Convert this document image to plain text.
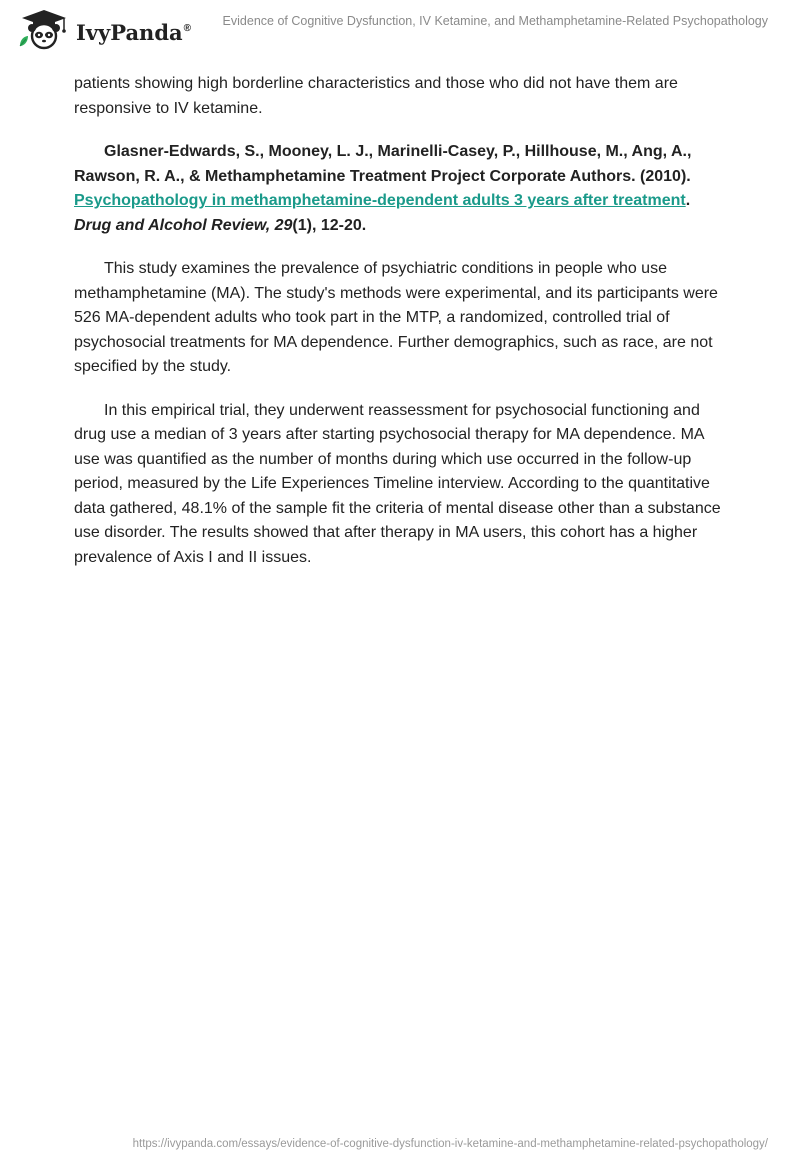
IvyPanda®	Evidence of Cognitive Dysfunction, IV Ketamine, and Methamphetamine-Related Psychopathology

patients showing high borderline characteristics and those who did not have them are responsive to IV ketamine.

Glasner-Edwards, S., Mooney, L. J., Marinelli-Casey, P., Hillhouse, M., Ang, A., Rawson, R. A., & Methamphetamine Treatment Project Corporate Authors. (2010). Psychopathology in methamphetamine-dependent adults 3 years after treatment. Drug and Alcohol Review, 29(1), 12-20.

This study examines the prevalence of psychiatric conditions in people who use methamphetamine (MA). The study's methods were experimental, and its participants were 526 MA-dependent adults who took part in the MTP, a randomized, controlled trial of psychosocial treatments for MA dependence. Further demographics, such as race, are not specified by the study.

In this empirical trial, they underwent reassessment for psychosocial functioning and drug use a median of 3 years after starting psychosocial therapy for MA dependence. MA use was quantified as the number of months during which use occurred in the follow-up period, measured by the Life Experiences Timeline interview. According to the quantitative data gathered, 48.1% of the sample fit the criteria of mental disease other than a substance use disorder. The results showed that after therapy in MA users, this cohort has a higher prevalence of Axis I and II issues.

https://ivypanda.com/essays/evidence-of-cognitive-dysfunction-iv-ketamine-and-methamphetamine-related-psychopathology/
